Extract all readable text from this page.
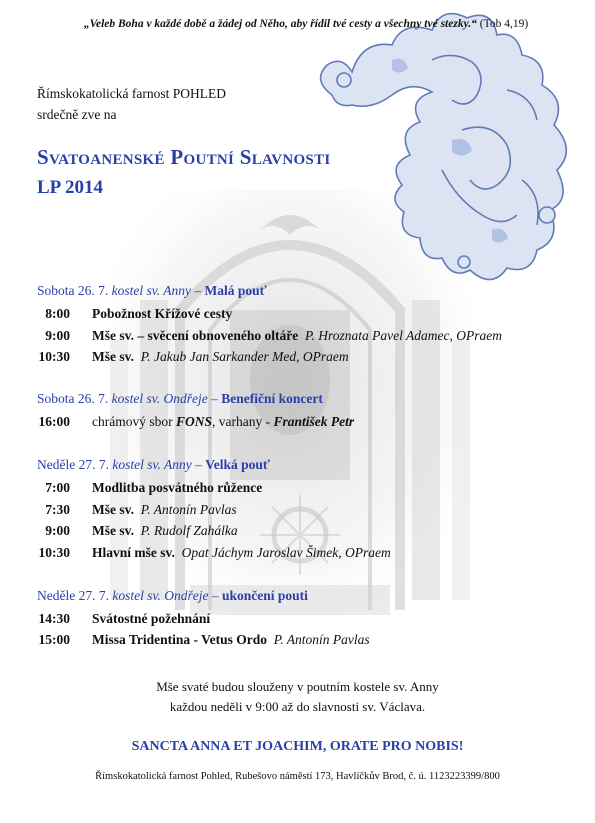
„Veleb Boha v každé době a žádej od Něho, aby řídil tvé cesty a všechny tvé stezky.“ (Tob 4,19)
Římskokatolická farnost POHLED
srdečně zve na
Svatoanenské Poutní Slavnosti
LP 2014
Sobota 26. 7. kostel sv. Anny – Malá pouť
8:00 Pobožnost Křížové cesty
9:00 Mše sv. – svěcení obnoveného oltáře P. Hroznata Pavel Adamec, OPraem
10:30 Mše sv. P. Jakub Jan Sarkander Med, OPraem
Sobota 26. 7. kostel sv. Ondřeje – Benefiční koncert
16:00 chrámový sbor FONS, varhany - František Petr
Neděle 27. 7. kostel sv. Anny – Velká pouť
7:00 Modlitba posvátného růžence
7:30 Mše sv. P. Antonín Pavlas
9:00 Mše sv. P. Rudolf Zahálka
10:30 Hlavní mše sv. Opat Jáchym Jaroslav Šimek, OPraem
Neděle 27. 7. kostel sv. Ondřeje – ukončení pouti
14:30 Svátostné požehnání
15:00 Missa Tridentina - Vetus Ordo P. Antonín Pavlas
Mše svaté budou slouženy v poutním kostele sv. Anny
každou neděli v 9:00 až do slavnosti sv. Václava.
SANCTA ANNA ET JOACHIM, ORATE PRO NOBIS!
Římskokatolická farnost Pohled, Rubešovo náměstí 173, Havlíčkův Brod, č. ú. 1123223399/800
